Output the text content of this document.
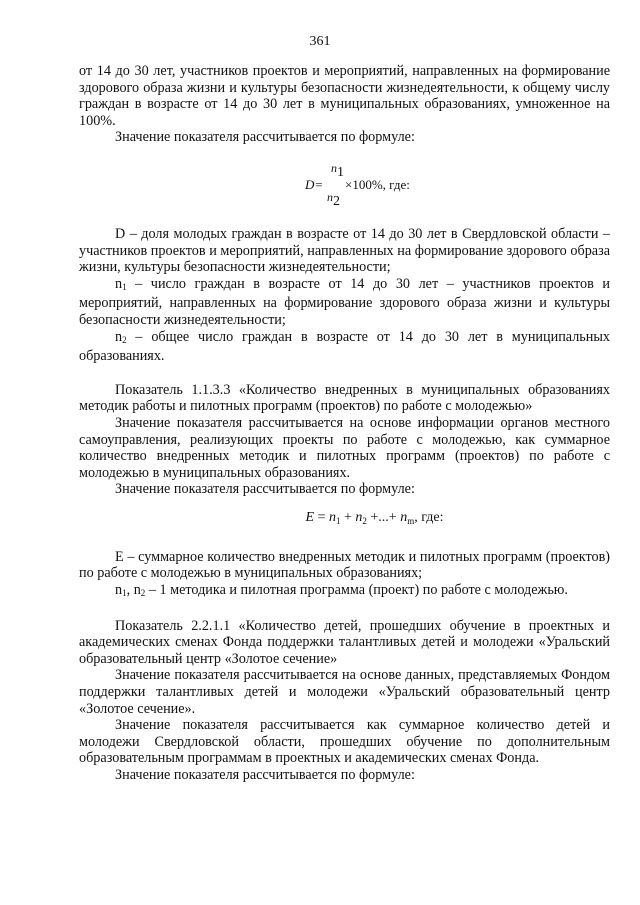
361

от 14 до 30 лет, участников проектов и мероприятий, направленных на формирование здорового образа жизни и культуры безопасности жизнедеятельности, к общему числу граждан в возрасте от 14 до 30 лет в муниципальных образованиях, умноженное на 100%.

Значение показателя рассчитывается по формуле:

D=
$n_1$
$n_2$
×100%, где:

D – доля молодых граждан в возрасте от 14 до 30 лет в Свердловской области – участников проектов и мероприятий, направленных на формирование здорового образа жизни, культуры безопасности жизнедеятельности;

$n_1$ – число граждан в возрасте от 14 до 30 лет – участников проектов и мероприятий, направленных на формирование здорового образа жизни и культуры безопасности жизнедеятельности;

$n_2$ – общее число граждан в возрасте от 14 до 30 лет в муниципальных образованиях.

Показатель 1.1.3.3 «Количество внедренных в муниципальных образованиях методик работы и пилотных программ (проектов) по работе с молодежью»

Значение показателя рассчитывается на основе информации органов местного самоуправления, реализующих проекты по работе с молодежью, как суммарное количество внедренных методик и пилотных программ (проектов) по работе с молодежью в муниципальных образованиях.

Значение показателя рассчитывается по формуле:

$E = n_1 + n_2$ +...+ $n_m$, где:

E – суммарное количество внедренных методик и пилотных программ (проектов) по работе с молодежью в муниципальных образованиях;

$n_1$, $n_2 - 1$ методика и пилотная программа (проект) по работе с молодежью.

Показатель 2.2.1.1 «Количество детей, прошедших обучение в проектных и академических сменах Фонда поддержки талантливых детей и молодежи «Уральский образовательный центр «Золотое сечение»

Значение показателя рассчитывается на основе данных, представляемых Фондом поддержки талантливых детей и молодежи «Уральский образовательный центр «Золотое сечение».

Значение показателя рассчитывается как суммарное количество детей и молодежи Свердловской области, прошедших обучение по дополнительным образовательным программам в проектных и академических сменах Фонда.

Значение показателя рассчитывается по формуле:
